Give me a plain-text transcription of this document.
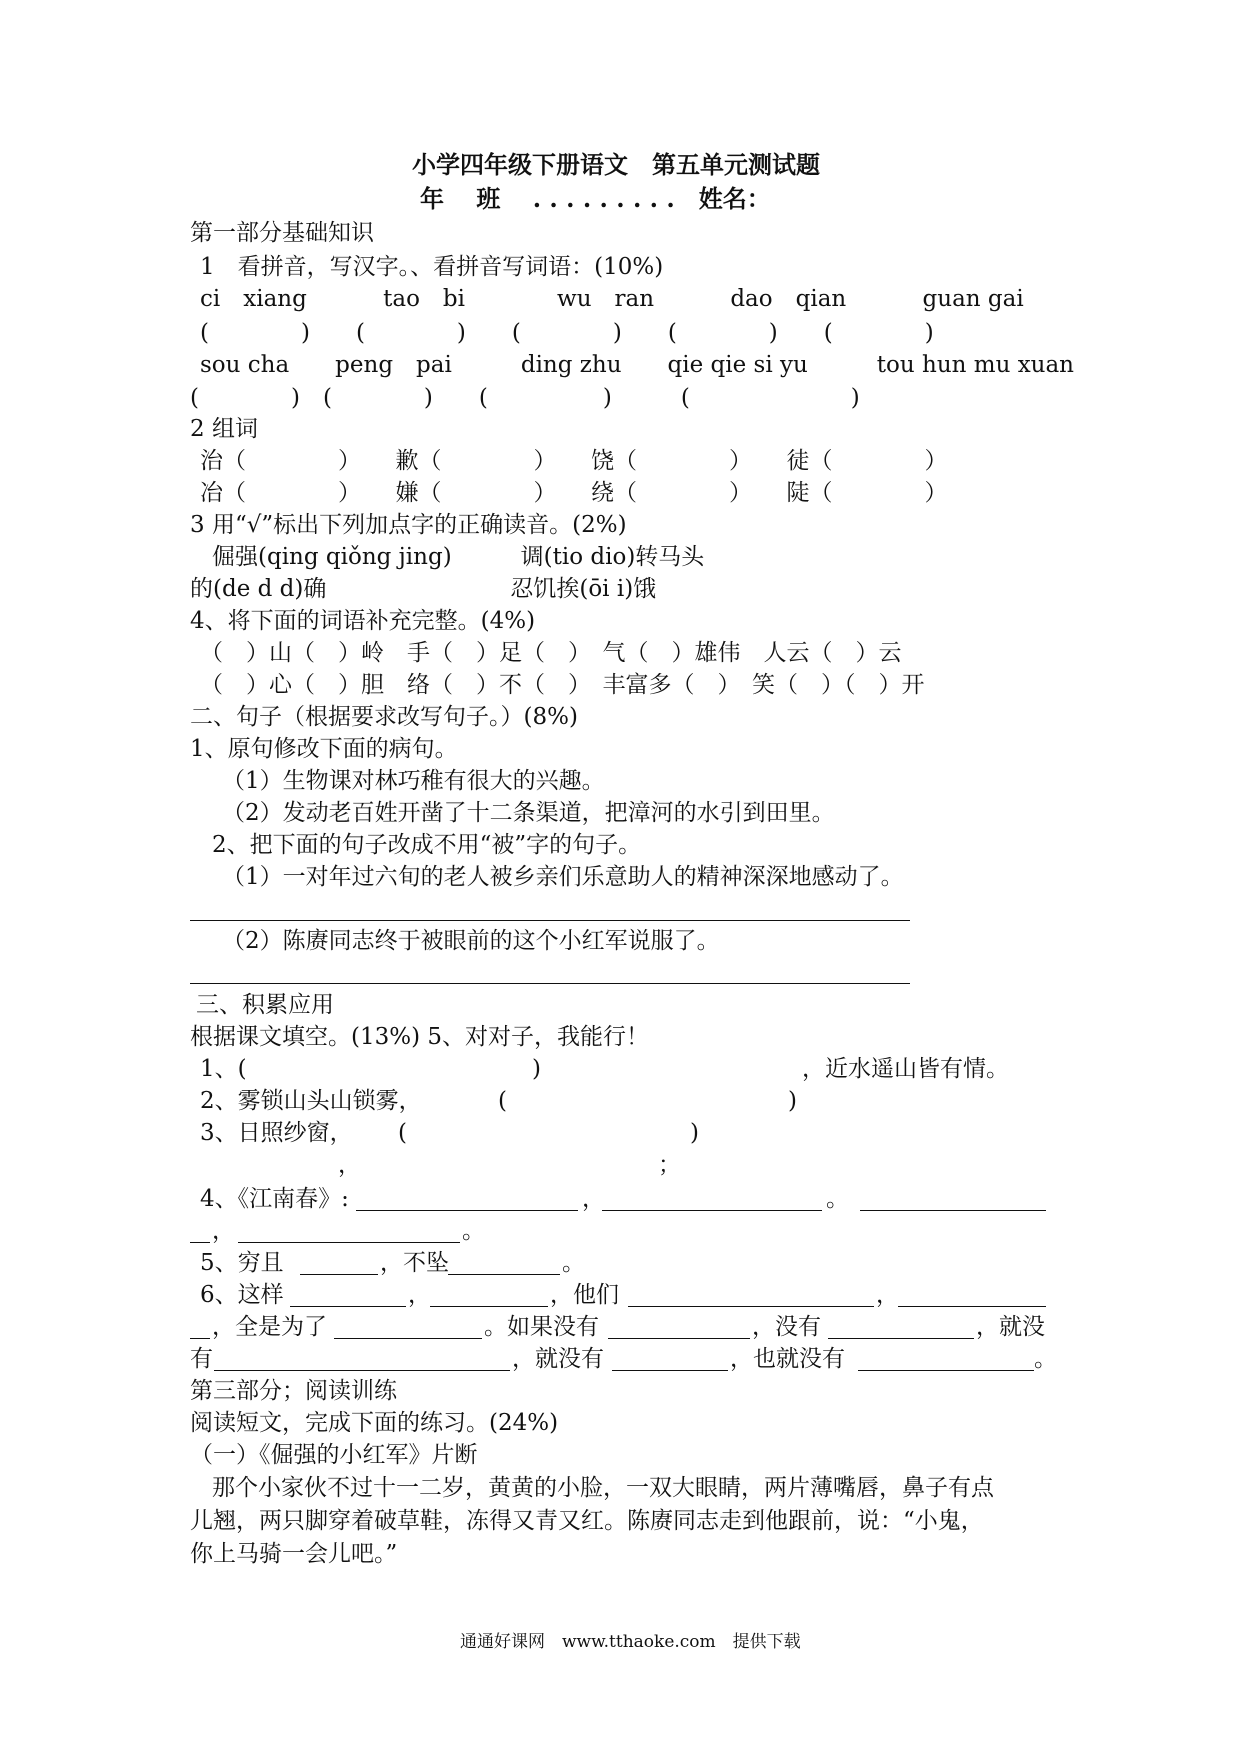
小学四年级下册语文　第五单元测试题
年　 班　 . . . . . . . . .　姓名：
第一部分基础知识
1　看拼音，写汉字。、看拼音写词语：(10%)
ci　xiang　　　 tao　bi　　　　wu　ran　　　 dao　qian　　　 guan gai
(　　　　)　　(　　　　)　　(　　　　)　　(　　　　)　　(　　　　)
sou cha　　peng　pai　　　ding zhu　　qie qie si yu　　　tou hun mu xuan
(　　　　)　(　　　　)　　(　　　　　)　　　(　　　　　　　)
2 组词
治（　　　　）　　歉（　　　　）　　饶（　　　　）　　徒（　　　　）
冶（　　　　）　　嫌（　　　　）　　绕（　　　　）　　陡（　　　　）
3 用“√”标出下列加点字的正确读音。(2%)
倔强(qing qiǒng jing)　　　调(tio dio)转马头
的(de d d)确　　　　　　　　忍饥挨(ōi i)饿
4、将下面的词语补充完整。(4%)
（　）山（　）岭　手（　）足（　）　气（　）雄伟　人云（　）云
（　）心（　）胆　络（　）不（　）　丰富多（　）　笑（　）（　）开
二、句子（根据要求改写句子。）(8%)
1、原句修改下面的病句。
（1）生物课对林巧稚有很大的兴趣。
（2）发动老百姓开凿了十二条渠道，把漳河的水引到田里。
2、把下面的句子改成不用“被”字的句子。
（1）一对年过六旬的老人被乡亲们乐意助人的精神深深地感动了。
（2）陈赓同志终于被眼前的这个小红军说服了。
三、积累应用
根据课文填空。(13%) 5、对对子，我能行！
1、(	)	，近水遥山皆有情。
2、雾锁山头山锁雾，	(	)
3、日照纱窗， (	)
，	；
4、《江南春》:	，	。
，	。
5、穷且	，不坠	。
6、这样	，	，他们	，
，全是为了	。如果没有	，没有	，就没
有	，就没有	，也就没有	。
第三部分；阅读训练
阅读短文，完成下面的练习。(24%)
（一）《倔强的小红军》片断
那个小家伙不过十一二岁，黄黄的小脸，一双大眼睛，两片薄嘴唇，鼻子有点
儿翘，两只脚穿着破草鞋，冻得又青又红。陈赓同志走到他跟前，说：“小鬼，
你上马骑一会儿吧。”
通通好课网　www.tthaoke.com　提供下载
